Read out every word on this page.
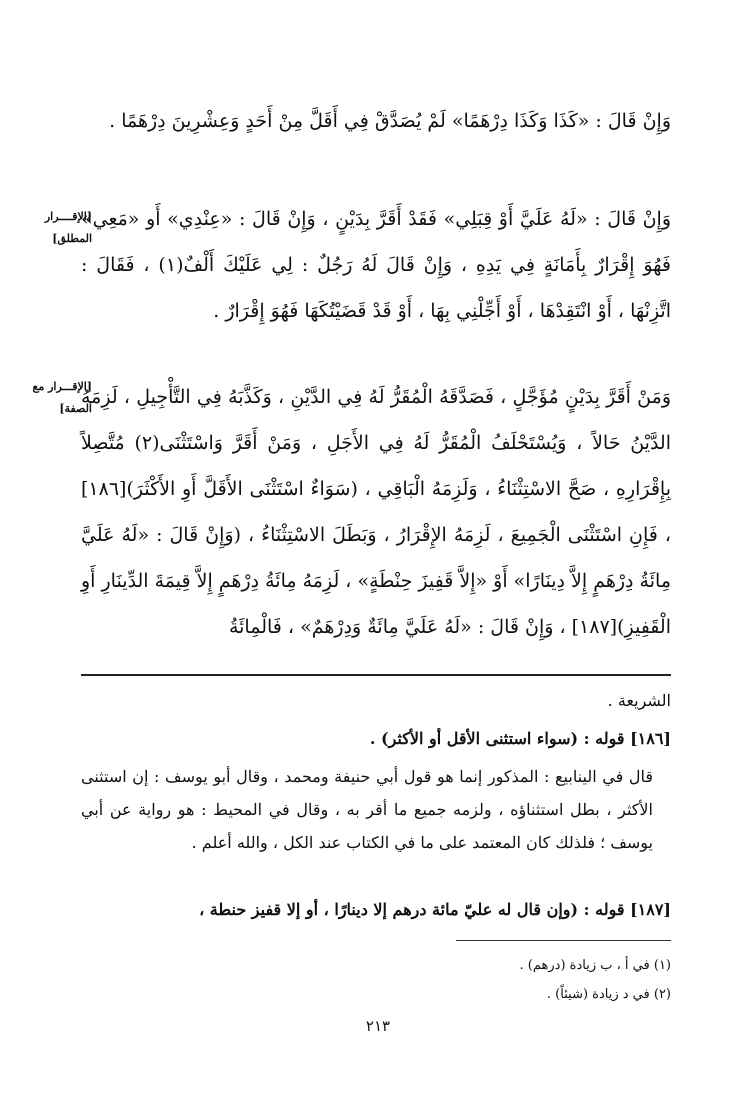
وَإِنْ قَالَ : «كَذَا وَكَذَا دِرْهَمًا» لَمْ يُصَدَّقْ فِي أَقَلَّ مِنْ أَحَدٍ وَعِشْرِينَ دِرْهَمًا .

[الإقــــرار المطلق]

وَإِنْ قَالَ : «لَهُ عَلَيَّ أَوْ قِبَلِي» فَقَدْ أَقَرَّ بِدَيْنٍ ، وَإِنْ قَالَ : «عِنْدِي» أَو «مَعِي» فَهُوَ إِقْرَارٌ بِأَمَانَةٍ فِي يَدِهِ ، وَإِنْ قَالَ لَهُ رَجُلٌ : لِي عَلَيْكَ أَلْفٌ(١) ، فَقَالَ : اتَّزِنْهَا ، أَوْ انْتَقِدْهَا ، أَوْ أَجِّلْنِي بِهَا ، أَوْ قَدْ قَضَيْتُكَهَا فَهُوَ إِقْرَارٌ .

[الإقـــرار مع الصفة]

وَمَنْ أَقَرَّ بِدَيْنٍ مُؤَجَّلٍ ، فَصَدَّقَهُ الْمُقَرُّ لَهُ فِي الدَّيْنِ ، وَكَذَّبَهُ فِي التَّأْجِيلِ ، لَزِمَهُ الدَّيْنُ حَالاً ، وَيُسْتَحْلَفُ الْمُقَرُّ لَهُ فِي الأَجَلِ ، وَمَنْ أَقَرَّ وَاسْتَثْنَى(٢) مُتَّصِلاً بِإِقْرَارِهِ ، صَحَّ الاسْتِثْنَاءُ ، وَلَزِمَهُ الْبَاقِي ، (سَوَاءٌ اسْتَثْنَى الأَقَلَّ أَوِ الأَكْثَرَ)[١٨٦] ، فَإِنِ اسْتَثْنَى الْجَمِيعَ ، لَزِمَهُ الإِقْرَارُ ، وَبَطَلَ الاسْتِثْنَاءُ ، (وَإِنْ قَالَ : «لَهُ عَلَيَّ مِائَةُ دِرْهَمٍ إِلاَّ دِينَارًا» أَوْ «إِلاَّ قَفِيزَ حِنْطَةٍ» ، لَزِمَهُ مِائَةُ دِرْهَمٍ إِلاَّ قِيمَةَ الدِّينَارِ أَوِ الْقَفِيزِ)[١٨٧] ، وَإِنْ قَالَ : «لَهُ عَلَيَّ مِائَةٌ وَدِرْهَمٌ» ، فَالْمِائَةُ

الشريعة .

[١٨٦] قوله : (سواء استثنى الأقل أو الأكثر) .

قال في الينابيع : المذكور إنما هو قول أبي حنيفة ومحمد ، وقال أبو يوسف : إن استثنى الأكثر ، بطل استثناؤه ، ولزمه جميع ما أقر به ، وقال في المحيط : هو رواية عن أبي يوسف ؛ فلذلك كان المعتمد على ما في الكتاب عند الكل ، والله أعلم .

[١٨٧] قوله : (وإن قال له عليّ مائة درهم إلا دينارًا ، أو إلا قفيز حنطة ،

(١) في أ ، ب زيادة (درهم) .

(٢) في د زيادة (شيئاً) .

٢١٣
